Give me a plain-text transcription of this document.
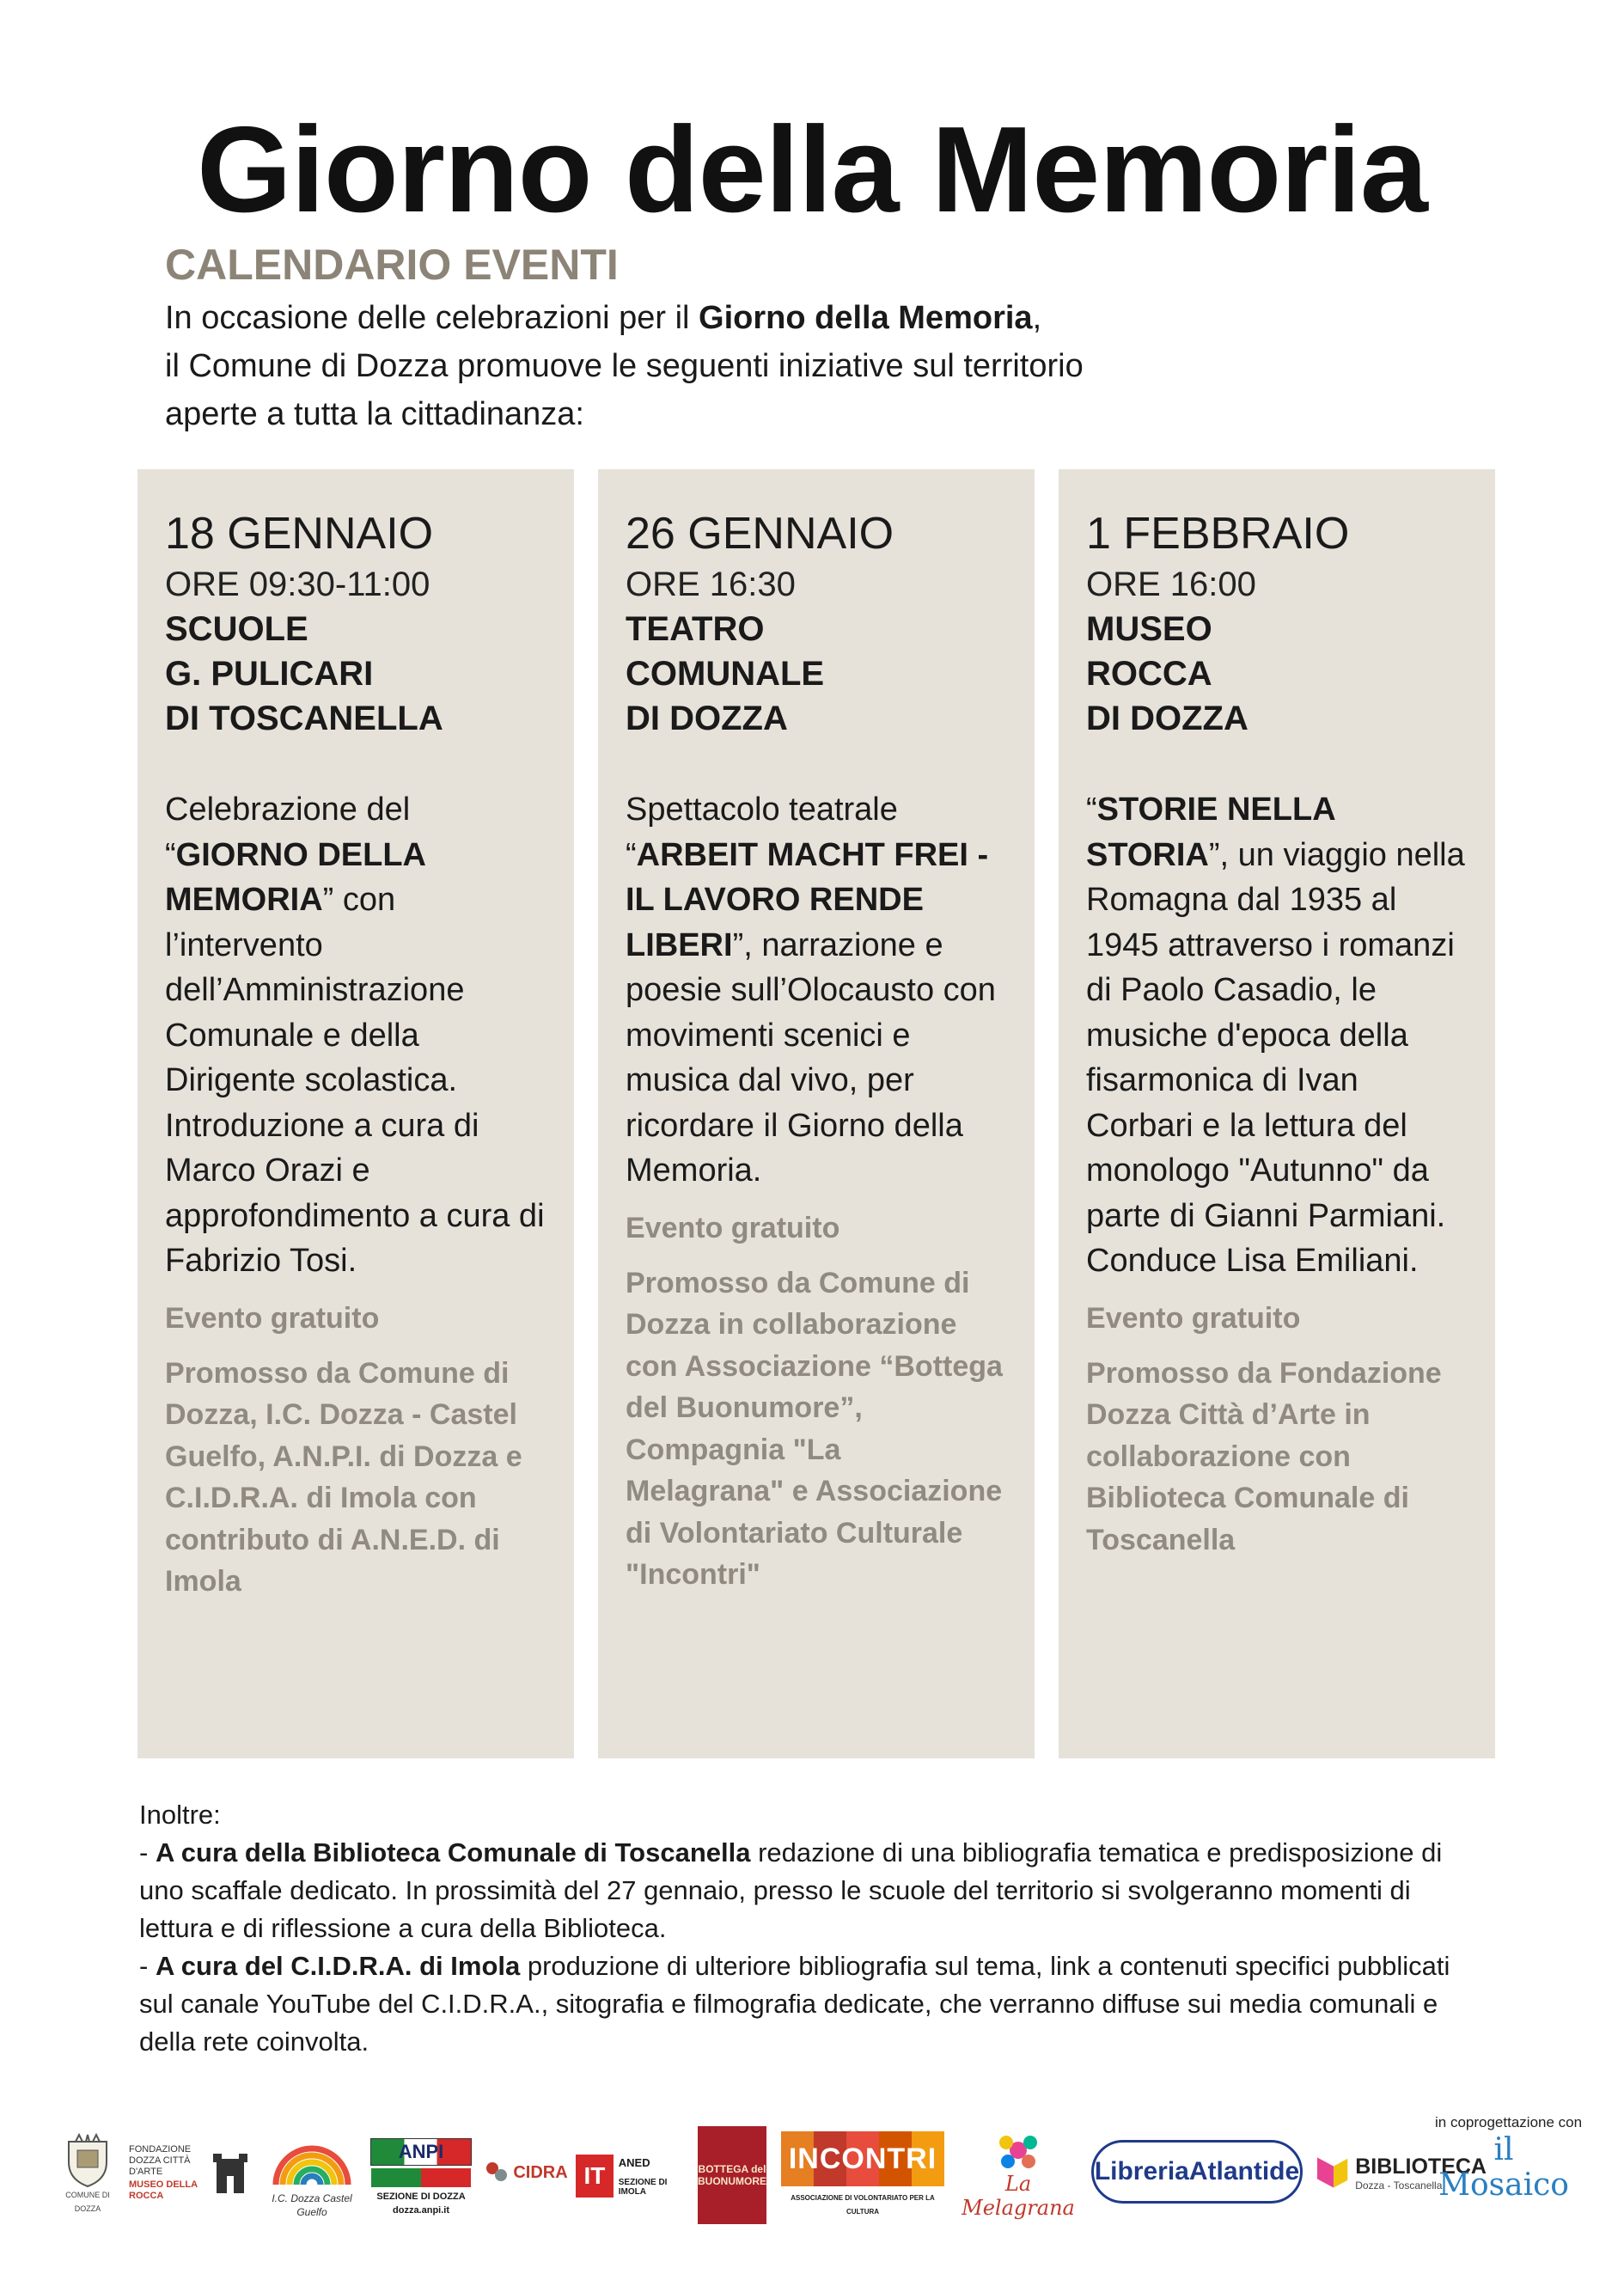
Giorno della Memoria
CALENDARIO EVENTI

In occasione delle celebrazioni per il Giorno della Memoria,

il Comune di Dozza promuove le seguenti iniziative sul territorio

aperte a tutta la cittadinanza:

18 GENNAIO
ORE 09:30-11:00
SCUOLE
G. PULICARI
DI TOSCANELLA
Celebrazione del “GIORNO DELLA MEMORIA” con l’intervento dell’Amministrazione Comunale e della Dirigente scolastica. Introduzione a cura di Marco Orazi e approfondimento a cura di Fabrizio Tosi.
Evento gratuito
Promosso da Comune di Dozza, I.C. Dozza - Castel Guelfo, A.N.P.I. di Dozza e C.I.D.R.A. di Imola con contributo di A.N.E.D. di Imola
26 GENNAIO
ORE 16:30
TEATRO
COMUNALE
DI DOZZA
Spettacolo teatrale “ARBEIT MACHT FREI - IL LAVORO RENDE LIBERI”, narrazione e poesie sull’Olocausto con movimenti scenici e musica dal vivo, per ricordare il Giorno della Memoria.
Evento gratuito
Promosso da Comune di Dozza in collaborazione con Associazione “Bottega del Buonumore”, Compagnia "La Melagrana" e Associazione di Volontariato Culturale "Incontri"
1 FEBBRAIO
ORE 16:00
MUSEO
ROCCA
DI DOZZA
“STORIE NELLA STORIA”, un viaggio nella Romagna dal 1935 al 1945 attraverso i romanzi di Paolo Casadio, le musiche d'epoca della fisarmonica di Ivan Corbari e la lettura del monologo "Autunno" da parte di Gianni Parmiani. Conduce Lisa Emiliani.
Evento gratuito
Promosso da Fondazione Dozza Città d’Arte in collaborazione con Biblioteca Comunale di Toscanella

Inoltre:

- A cura della Biblioteca Comunale di Toscanella redazione di una bibliografia tematica e predisposizione di uno scaffale dedicato. In prossimità del 27 gennaio, presso le scuole del territorio si svolgeranno momenti di lettura e di riflessione a cura della Biblioteca.

- A cura del C.I.D.R.A. di Imola produzione di ulteriore bibliografia sul tema, link a contenuti specifici pubblicati sul canale YouTube del C.I.D.R.A., sitografia e filmografia dedicate, che verranno diffuse sui media comunali e della rete coinvolta.

COMUNE DI DOZZA
FONDAZIONE DOZZA CITTÀ D'ARTE
MUSEO DELLA ROCCA	I.C. Dozza Castel Guelfo
ANPI
SEZIONE DI DOZZA
dozza.anpi.it
CIDRA IT	ANED
SEZIONE DI IMOLA
BOTTEGA del BUONUMORE
INCONTRI
ASSOCIAZIONE DI VOLONTARIATO PER LA CULTURA
La Melagrana
LibreriaAtlantide	BIBLIOTECA
Dozza - Toscanella
in coprogettazione con
il Mosaico
